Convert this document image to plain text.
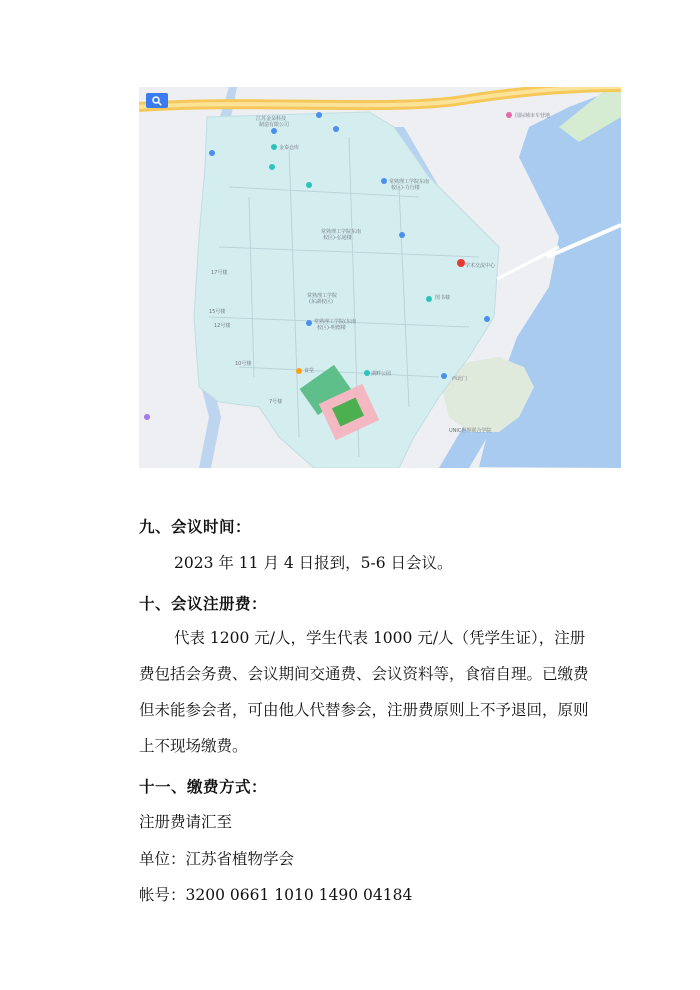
江苏金朵科技
制造有限公司
金泰仓库
常熟理工学院东南
校区)-力行楼
常熟理工学院东南
校区)-弘通楼
常熟理工学院
(东湖校区)
常熟理工学院(东南
校区)-明德楼
学术交流中心
食堂	湖畔公园
图书楼
17号楼
15号楼
12号楼
10号楼
7号楼
西北门
UNIC世界联合学院
国际城市车营地
九、会议时间：
2023 年 11 月 4 日报到，5-6 日会议。
十、会议注册费：
代表 1200 元/人，学生代表 1000 元/人（凭学生证），注册
费包括会务费、会议期间交通费、会议资料等，食宿自理。已缴费
但未能参会者，可由他人代替参会，注册费原则上不予退回，原则
上不现场缴费。
十一、缴费方式：
注册费请汇至
单位：江苏省植物学会
帐号：3200 0661 1010 1490 04184
